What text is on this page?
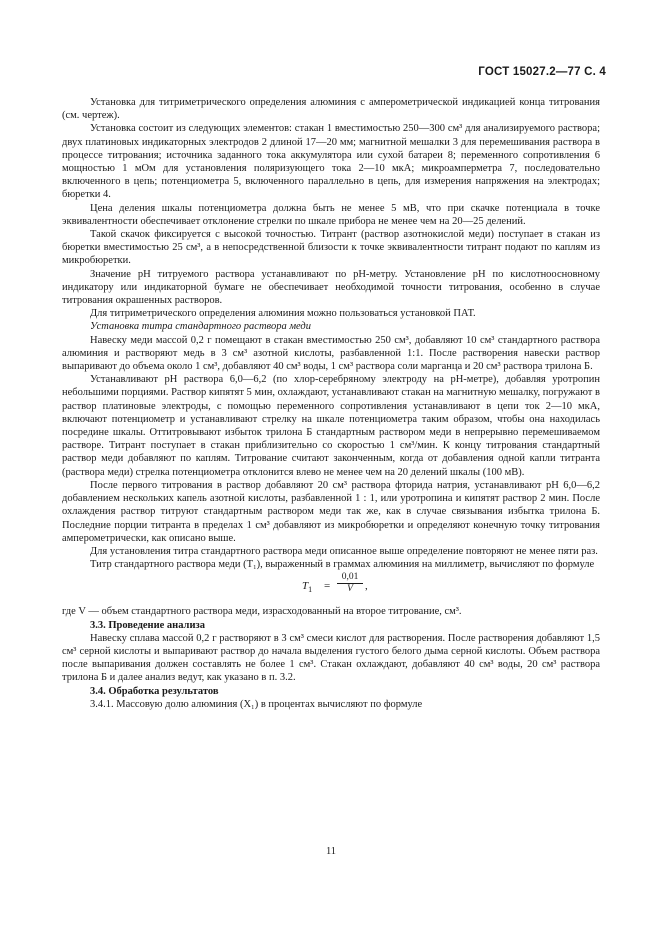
ГОСТ 15027.2—77 С. 4

Установка для титриметрического определения алюминия с амперометрической индикацией конца титрования (см. чертеж).

Установка состоит из следующих элементов: стакан 1 вместимостью 250—300 см³ для анализируемого раствора; двух платиновых индикаторных электродов 2 длиной 17—20 мм; магнитной мешалки 3 для перемешивания раствора в процессе титрования; источника заданного тока аккумулятора или сухой батареи 8; переменного сопротивления 6 мощностью 1 мОм для установления поляризующего тока 2—10 мкА; микроамперметра 7, последовательно включенного в цепь; потенциометра 5, включенного параллельно в цепь, для измерения напряжения на электродах; бюретки 4.

Цена деления шкалы потенциометра должна быть не менее 5 мВ, что при скачке потенциала в точке эквивалентности обеспечивает отклонение стрелки по шкале прибора не менее чем на 20—25 делений.

Такой скачок фиксируется с высокой точностью. Титрант (раствор азотнокислой меди) поступает в стакан из бюретки вместимостью 25 см³, а в непосредственной близости к точке эквивалентности титрант подают по каплям из микробюретки.

Значение рН титруемого раствора устанавливают по рН-метру. Установление рН по кислотноосновному индикатору или индикаторной бумаге не обеспечивает необходимой точности титрования, особенно в случае титрования окрашенных растворов.

Для титриметрического определения алюминия можно пользоваться установкой ПАТ.

Установка титра стандартного раствора меди

Навеску меди массой 0,2 г помещают в стакан вместимостью 250 см³, добавляют 10 см³ стандартного раствора алюминия и растворяют медь в 3 см³ азотной кислоты, разбавленной 1:1. После растворения навески раствор выпаривают до объема около 1 см³, добавляют 40 см³ воды, 1 см³ раствора соли марганца и 20 см³ раствора трилона Б.

Устанавливают рН раствора 6,0—6,2 (по хлор-серебряному электроду на рН-метре), добавляя уротропин небольшими порциями. Раствор кипятят 5 мин, охлаждают, устанавливают стакан на магнитную мешалку, погружают в раствор платиновые электроды, с помощью переменного сопротивления устанавливают в цепи ток 2—10 мкА, включают потенциометр и устанавливают стрелку на шкале потенциометра таким образом, чтобы она находилась посредине шкалы. Оттитровывают избыток трилона Б стандартным раствором меди в непрерывно перемешиваемом растворе. Титрант поступает в стакан приблизительно со скоростью 1 см³/мин. К концу титрования стандартный раствор меди добавляют по каплям. Титрование считают законченным, когда от добавления одной капли титранта (раствора меди) стрелка потенциометра отклонится влево не менее чем на 20 делений шкалы (100 мВ).

После первого титрования в раствор добавляют 20 см³ раствора фторида натрия, устанавливают рН 6,0—6,2 добавлением нескольких капель азотной кислоты, разбавленной 1 : 1, или уротропина и кипятят раствор 2 мин. После охлаждения раствор титруют стандартным раствором меди так же, как в случае связывания избытка трилона Б. Последние порции титранта в пределах 1 см³ добавляют из микробюретки и определяют конечную точку титрования амперометрически, как описано выше.

Для установления титра стандартного раствора меди описанное выше определение повторяют не менее пяти раз.

Титр стандартного раствора меди (T₁), выраженный в граммах алюминия на миллиметр, вычисляют по формуле

$T_1 = \frac{0,01}{V}$ ,

где V — объем стандартного раствора меди, израсходованный на второе титрование, см³.

3.3. Проведение анализа

Навеску сплава массой 0,2 г растворяют в 3 см³ смеси кислот для растворения. После растворения добавляют 1,5 см³ серной кислоты и выпаривают раствор до начала выделения густого белого дыма серной кислоты. Объем раствора после выпаривания должен составлять не более 1 см³. Стакан охлаждают, добавляют 40 см³ воды, 20 см³ раствора трилона Б и далее анализ ведут, как указано в п. 3.2.

3.4. Обработка результатов

3.4.1. Массовую долю алюминия (X₁) в процентах вычисляют по формуле

11
